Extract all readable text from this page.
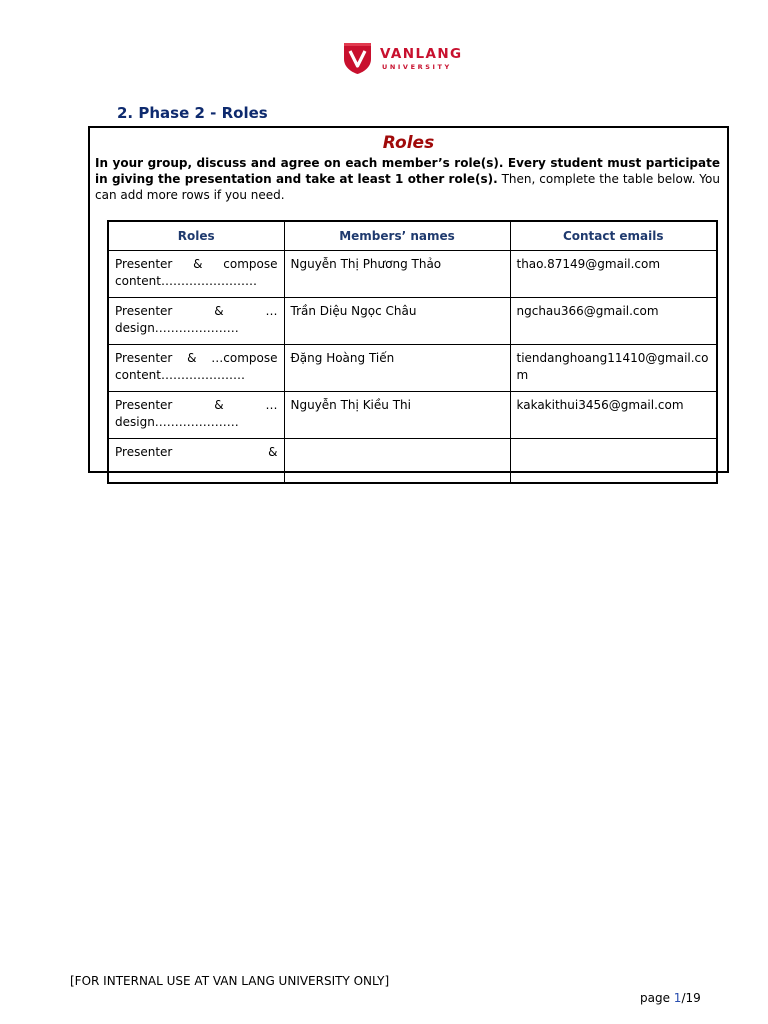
VANLANG
UNIVERSITY
2. Phase 2 - Roles
Roles
In your group, discuss and agree on each member’s role(s). Every student must participate in giving the presentation and take at least 1 other role(s). Then, complete the table below. You can add more rows if you need.
Roles	Members’ names	Contact emails
Presenter & compose content……………………	Nguyễn Thị Phương Thảo	thao.87149@gmail.com
Presenter & …design…………………	Trần Diệu Ngọc Châu	ngchau366@gmail.com
Presenter & …compose content…………………	Đặng Hoàng Tiến	tiendanghoang11410@gmail.com
Presenter & …design…………………	Nguyễn Thị Kiều Thi	kakakithui3456@gmail.com
Presenter & ……………………		
[FOR INTERNAL USE AT VAN LANG UNIVERSITY ONLY]
page 1/19
